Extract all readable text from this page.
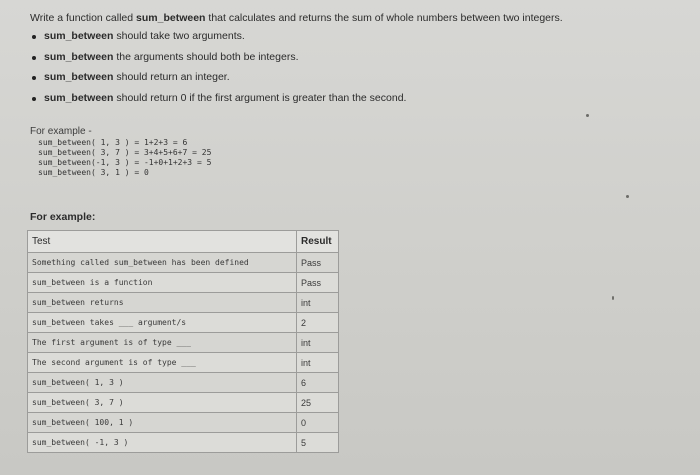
Write a function called sum_between that calculates and returns the sum of whole numbers between two integers.
sum_between should take two arguments.
sum_between the arguments should both be integers.
sum_between should return an integer.
sum_between should return 0 if the first argument is greater than the second.
For example -
sum_between( 1, 3 ) = 1+2+3 = 6
sum_between( 3, 7 ) = 3+4+5+6+7 = 25
sum_between(-1, 3 ) = -1+0+1+2+3 = 5
sum_between( 3, 1 ) = 0
For example:
Test	Result
Something called sum_between has been defined	Pass
sum_between is a function	Pass
sum_between returns	int
sum_between takes ___ argument/s	2
The first argument is of type ___	int
The second argument is of type ___	int
sum_between( 1, 3 )	6
sum_between( 3, 7 )	25
sum_between( 100, 1 )	0
sum_between( -1, 3 )	5
